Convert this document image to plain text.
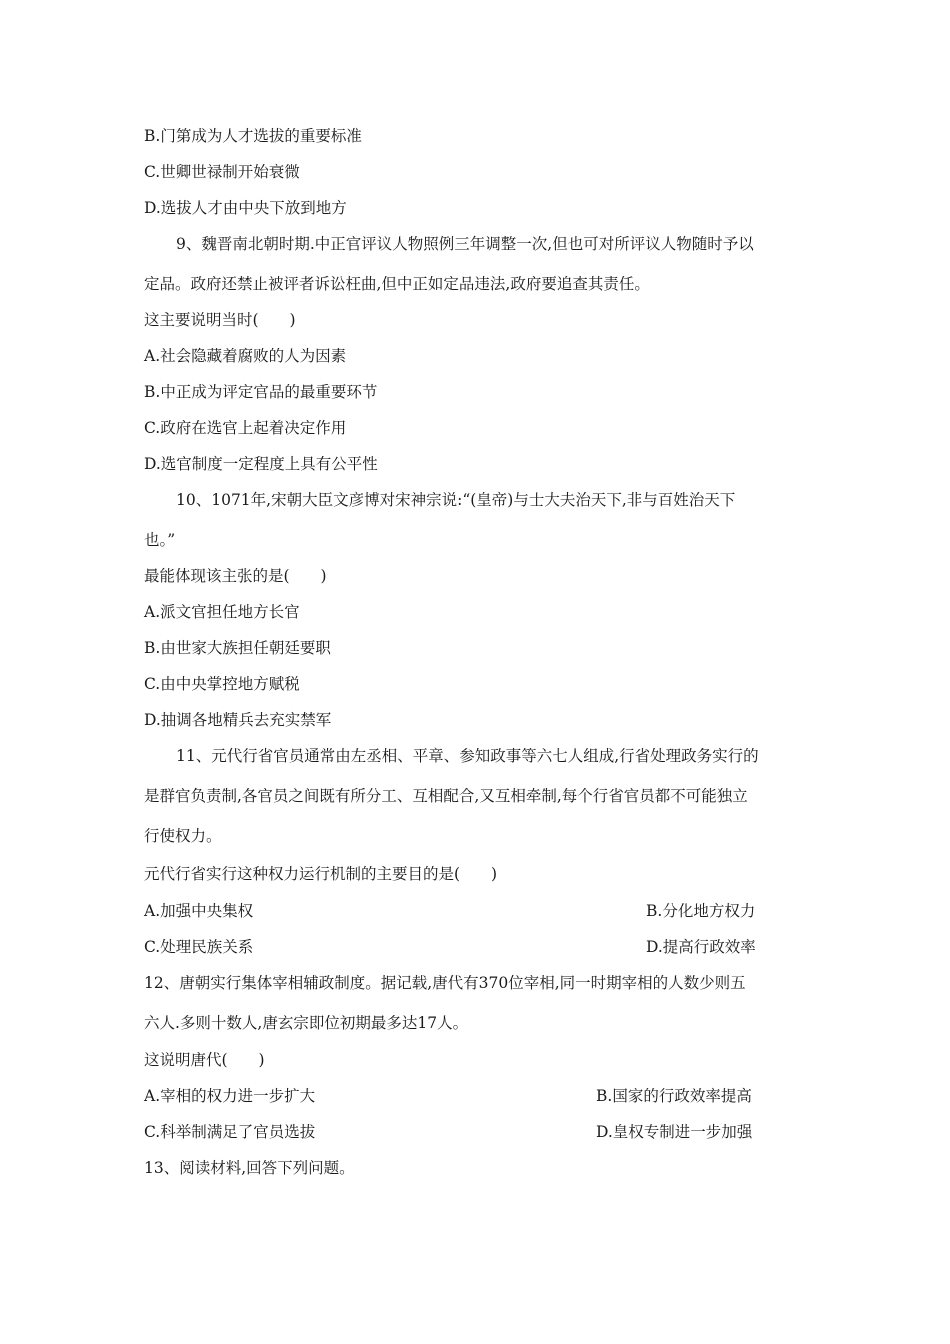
B.门第成为人才选拔的重要标准

C.世卿世禄制开始衰微

D.选拔人才由中央下放到地方

9、魏晋南北朝时期.中正官评议人物照例三年调整一次,但也可对所评议人物随时予以

定品。政府还禁止被评者诉讼枉曲,但中正如定品违法,政府要追查其责任。

这主要说明当时(　　)

A.社会隐藏着腐败的人为因素

B.中正成为评定官品的最重要环节

C.政府在选官上起着决定作用

D.选官制度一定程度上具有公平性

10、1071年,宋朝大臣文彦博对宋神宗说:“(皇帝)与士大夫治天下,非与百姓治天下

也。”

最能体现该主张的是(　　)

A.派文官担任地方长官

B.由世家大族担任朝廷要职

C.由中央掌控地方赋税

D.抽调各地精兵去充实禁军

11、元代行省官员通常由左丞相、平章、参知政事等六七人组成,行省处理政务实行的

是群官负责制,各官员之间既有所分工、互相配合,又互相牵制,每个行省官员都不可能独立

行使权力。

元代行省实行这种权力运行机制的主要目的是(　　)

A.加强中央集权	B.分化地方权力

C.处理民族关系	D.提高行政效率

12、唐朝实行集体宰相辅政制度。据记载,唐代有370位宰相,同一时期宰相的人数少则五

六人.多则十数人,唐玄宗即位初期最多达17人。

这说明唐代(　　)

A.宰相的权力进一步扩大	B.国家的行政效率提高

C.科举制满足了官员选拔	D.皇权专制进一步加强

13、阅读材料,回答下列问题。
